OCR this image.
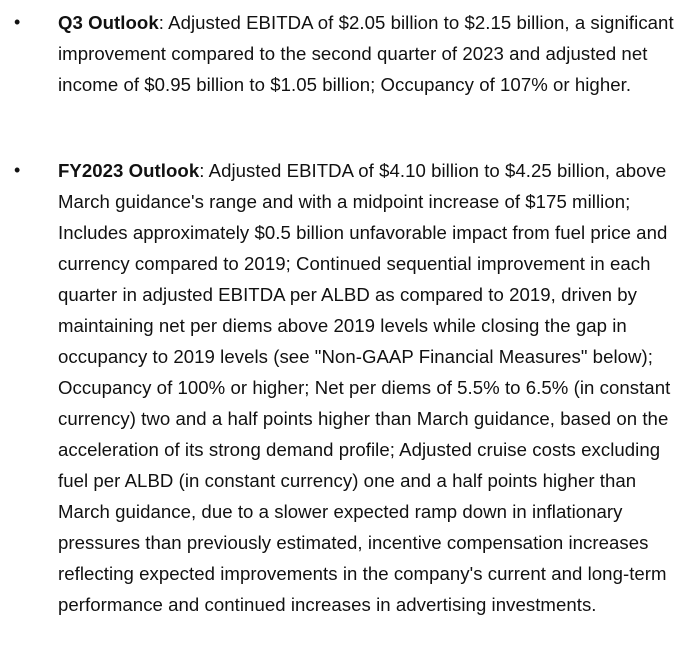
• Q3 Outlook: Adjusted EBITDA of $2.05 billion to $2.15 billion, a significant improvement compared to the second quarter of 2023 and adjusted net income of $0.95 billion to $1.05 billion; Occupancy of 107% or higher.
• FY2023 Outlook: Adjusted EBITDA of $4.10 billion to $4.25 billion, above March guidance's range and with a midpoint increase of $175 million; Includes approximately $0.5 billion unfavorable impact from fuel price and currency compared to 2019; Continued sequential improvement in each quarter in adjusted EBITDA per ALBD as compared to 2019, driven by maintaining net per diems above 2019 levels while closing the gap in occupancy to 2019 levels (see "Non-GAAP Financial Measures" below); Occupancy of 100% or higher; Net per diems of 5.5% to 6.5% (in constant currency) two and a half points higher than March guidance, based on the acceleration of its strong demand profile; Adjusted cruise costs excluding fuel per ALBD (in constant currency) one and a half points higher than March guidance, due to a slower expected ramp down in inflationary pressures than previously estimated, incentive compensation increases reflecting expected improvements in the company's current and long-term performance and continued increases in advertising investments.
